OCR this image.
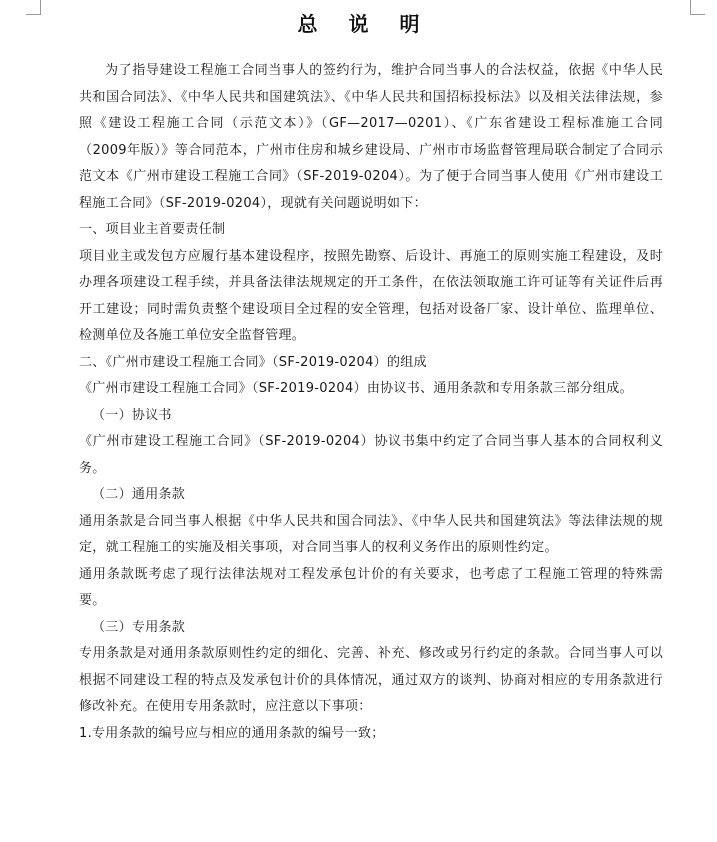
总 说 明

为了指导建设工程施工合同当事人的签约行为，维护合同当事人的合法权益，依据《中华人民共和国合同法》、《中华人民共和国建筑法》、《中华人民共和国招标投标法》以及相关法律法规，参照《建设工程施工合同（示范文本）》（GF—2017—0201）、《广东省建设工程标准施工合同（2009年版）》等合同范本，广州市住房和城乡建设局、广州市市场监督管理局联合制定了合同示范文本《广州市建设工程施工合同》（SF-2019-0204）。为了便于合同当事人使用《广州市建设工程施工合同》（SF-2019-0204），现就有关问题说明如下：

一、项目业主首要责任制

项目业主或发包方应履行基本建设程序，按照先勘察、后设计、再施工的原则实施工程建设，及时办理各项建设工程手续，并具备法律法规规定的开工条件，在依法领取施工许可证等有关证件后再开工建设；同时需负责整个建设项目全过程的安全管理，包括对设备厂家、设计单位、监理单位、检测单位及各施工单位安全监督管理。

二、《广州市建设工程施工合同》（SF-2019-0204）的组成

《广州市建设工程施工合同》（SF-2019-0204）由协议书、通用条款和专用条款三部分组成。

（一）协议书

《广州市建设工程施工合同》（SF-2019-0204）协议书集中约定了合同当事人基本的合同权利义务。

（二）通用条款

通用条款是合同当事人根据《中华人民共和国合同法》、《中华人民共和国建筑法》等法律法规的规定，就工程施工的实施及相关事项，对合同当事人的权利义务作出的原则性约定。

通用条款既考虑了现行法律法规对工程发承包计价的有关要求，也考虑了工程施工管理的特殊需要。

（三）专用条款

专用条款是对通用条款原则性约定的细化、完善、补充、修改或另行约定的条款。合同当事人可以根据不同建设工程的特点及发承包计价的具体情况，通过双方的谈判、协商对相应的专用条款进行修改补充。在使用专用条款时，应注意以下事项：

1.专用条款的编号应与相应的通用条款的编号一致；
